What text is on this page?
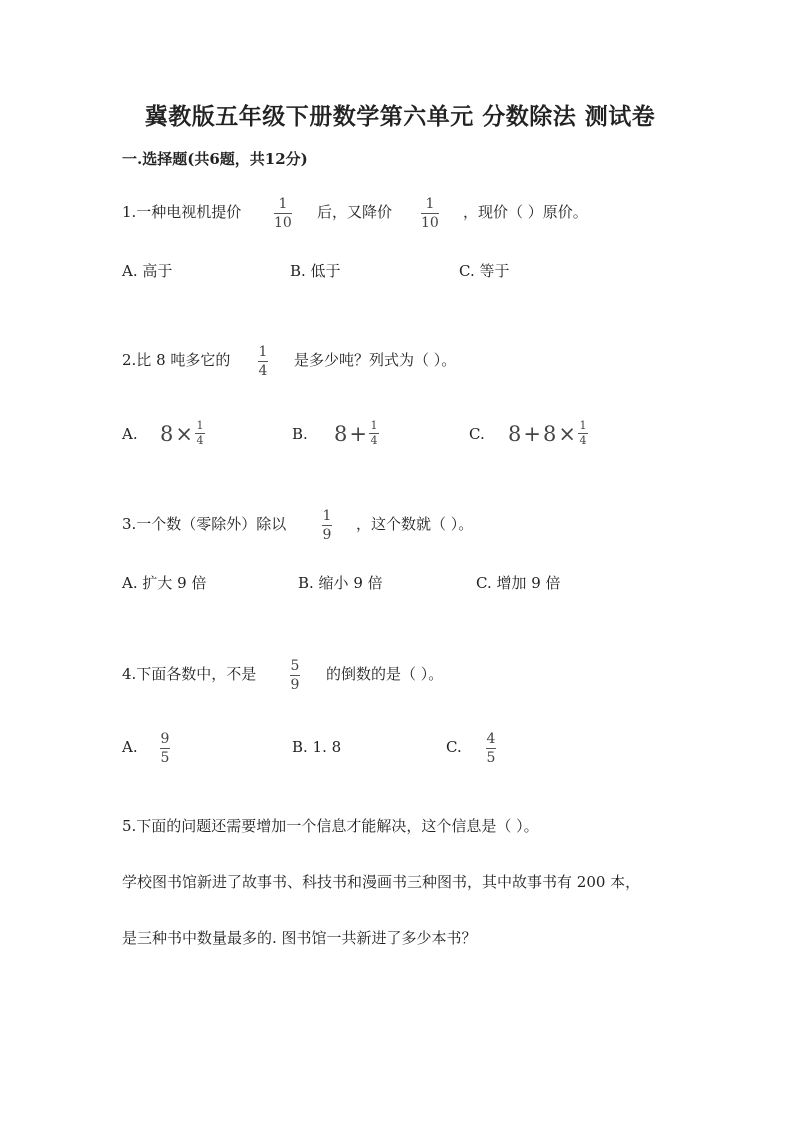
冀教版五年级下册数学第六单元 分数除法 测试卷
一.选择题(共6题，共12分)
1.一种电视机提价	1
10
后，又降价 1
10
，现价（ ）原价。
A. 高于	B. 低于	C. 等于
2.比 8 吨多它的 1
4
是多少吨？列式为（ ）。
A. $8 \times \frac{1}{4}$	B. $8 + \frac{1}{4}$	C. $8 + 8 \times \frac{1}{4}$
3.一个数（零除外）除以	1
9
，这个数就（ ）。
A. 扩大 9 倍	B. 缩小 9 倍	C. 增加 9 倍
4.下面各数中，不是 5
9
的倒数的是（ ）。
A. 9
5
B. 1. 8	C. 4
5
5.下面的问题还需要增加一个信息才能解决，这个信息是（ ）。
学校图书馆新进了故事书、科技书和漫画书三种图书，其中故事书有 200 本，
是三种书中数量最多的. 图书馆一共新进了多少本书？
